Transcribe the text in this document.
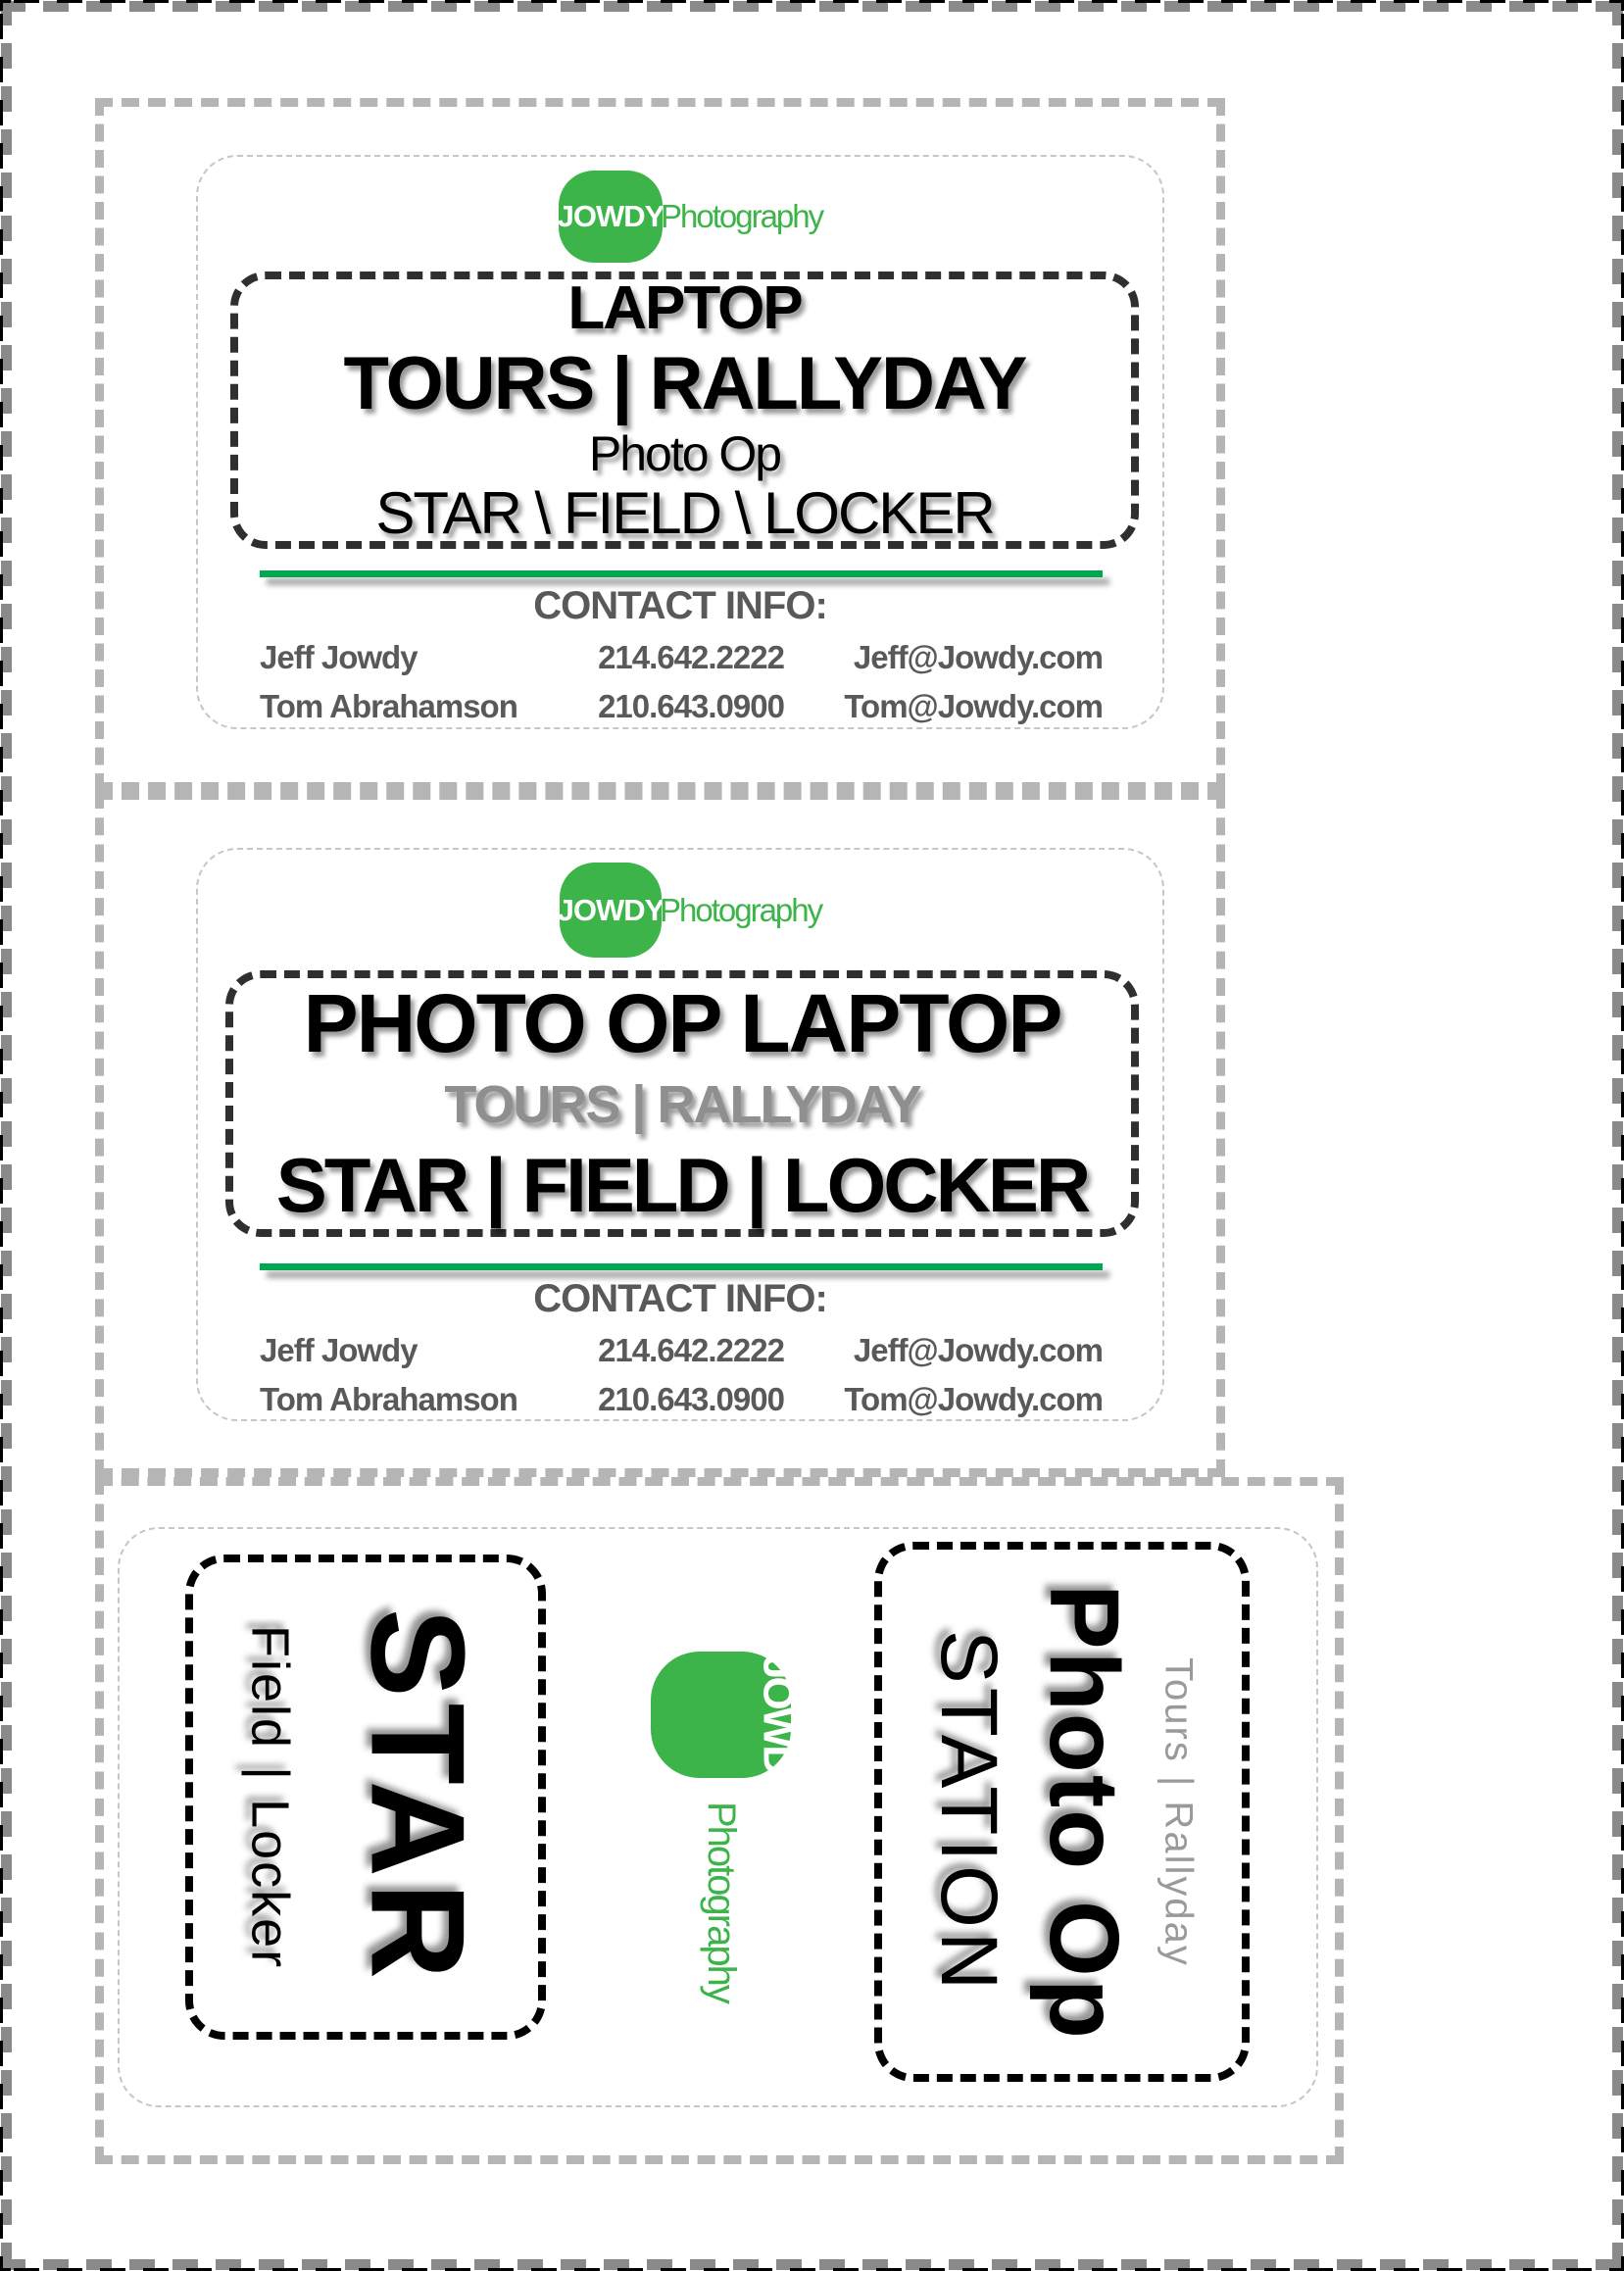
JOWDY
Photography
LAPTOP
TOURS | RALLYDAY
Photo Op
STAR \ FIELD \ LOCKER
CONTACT INFO:
Jeff Jowdy	214.642.2222	Jeff@Jowdy.com
Tom Abrahamson	210.643.0900	Tom@Jowdy.com
JOWDY
Photography
PHOTO OP LAPTOP
TOURS | RALLYDAY
STAR | FIELD | LOCKER
CONTACT INFO:
Jeff Jowdy	214.642.2222	Jeff@Jowdy.com
Tom Abrahamson	210.643.0900	Tom@Jowdy.com
Field | Locker STAR	JOWDY
Photography STATION Photo Op Tours | Rallyday
